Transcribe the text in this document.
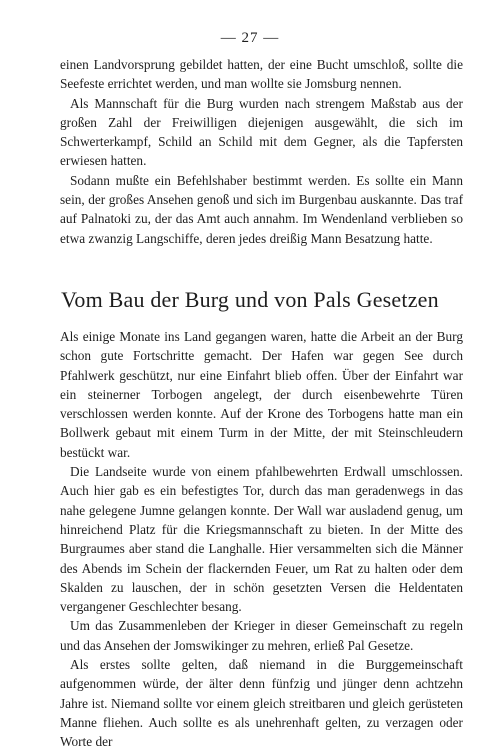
— 27 —

einen Landvorsprung gebildet hatten, der eine Bucht umschloß, sollte die Seefeste errichtet werden, und man wollte sie Jomsburg nennen.

Als Mannschaft für die Burg wurden nach strengem Maßstab aus der großen Zahl der Freiwilligen diejenigen ausgewählt, die sich im Schwerterkampf, Schild an Schild mit dem Gegner, als die Tapfersten erwiesen hatten.

Sodann mußte ein Befehlshaber bestimmt werden. Es sollte ein Mann sein, der großes Ansehen genoß und sich im Burgenbau auskannte. Das traf auf Palnatoki zu, der das Amt auch annahm. Im Wendenland verblieben so etwa zwanzig Langschiffe, deren jedes dreißig Mann Besatzung hatte.

Vom Bau der Burg und von Pals Gesetzen

Als einige Monate ins Land gegangen waren, hatte die Arbeit an der Burg schon gute Fortschritte gemacht. Der Hafen war gegen See durch Pfahlwerk geschützt, nur eine Einfahrt blieb offen. Über der Einfahrt war ein steinerner Torbogen angelegt, der durch eisenbewehrte Türen verschlossen werden konnte. Auf der Krone des Torbogens hatte man ein Bollwerk gebaut mit einem Turm in der Mitte, der mit Steinschleudern bestückt war.

Die Landseite wurde von einem pfahlbewehrten Erdwall umschlossen. Auch hier gab es ein befestigtes Tor, durch das man geradenwegs in das nahe gelegene Jumne gelangen konnte. Der Wall war ausladend genug, um hinreichend Platz für die Kriegsmannschaft zu bieten. In der Mitte des Burgraumes aber stand die Langhalle. Hier versammelten sich die Männer des Abends im Schein der flackernden Feuer, um Rat zu halten oder dem Skalden zu lauschen, der in schön gesetzten Versen die Heldentaten vergangener Geschlechter besang.

Um das Zusammenleben der Krieger in dieser Gemeinschaft zu regeln und das Ansehen der Jomswikinger zu mehren, erließ Pal Gesetze.

Als erstes sollte gelten, daß niemand in die Burggemeinschaft aufgenommen würde, der älter denn fünfzig und jünger denn achtzehn Jahre ist. Niemand sollte vor einem gleich streitbaren und gleich gerüsteten Manne fliehen. Auch sollte es als unehrenhaft gelten, zu verzagen oder Worte der
